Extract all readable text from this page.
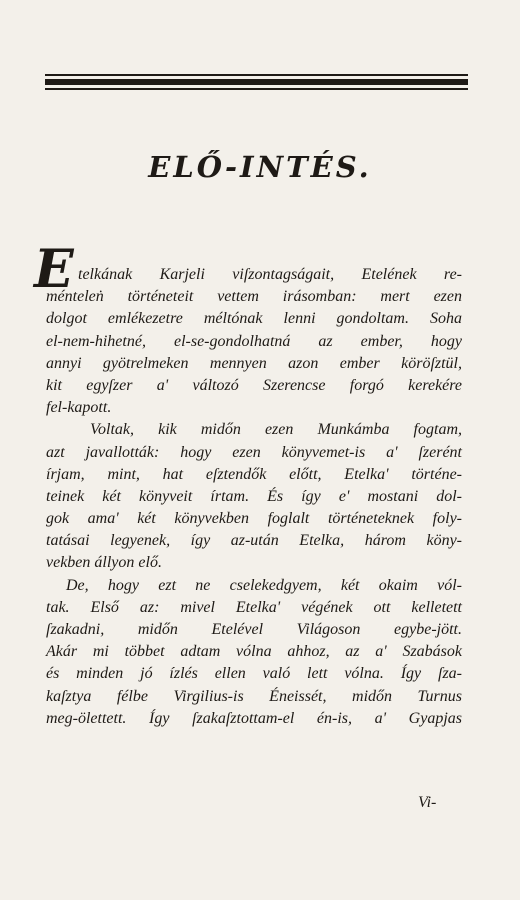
ELŐ-INTÉS.
E telkának Karjeli viſzontagságait, Etelének re-
ménteleṅ történeteit vettem irásomban: mert ezen
dolgot emlékezetre méltónak lenni gondoltam. Soha
el-nem-hihetné, el-se-gondolhatná az ember, hogy
annyi gyötrelmeken mennyen azon ember köröſztül,
kit egyſzer a' változó Szerencse forgó kerekére
fel-kapott.
Voltak, kik midőn ezen Munkámba fogtam,
azt javallották: hogy ezen könyvemet-is a' ſzerént
írjam, mint, hat eſztendők előtt, Etelka' történe-
teinek két könyveit írtam. És így e' mostani dol-
gok ama' két könyvekben foglalt történeteknek foly-
tatásai legyenek, így az-után Etelka, három köny-
vekben állyon elő.
De, hogy ezt ne cselekedgyem, két okaim vól-
tak. Első az: mivel Etelka' végének ott kelletett
ſzakadni, midőn Etelével Világoson egybe-jött.
Akár mi többet adtam vólna ahhoz, az a' Szabások
és minden jó ízlés ellen való lett vólna. Így ſza-
kaſztya félbe Virgilius-is Éneissét, midőn Turnus
meg-ölettett. Így ſzakaſztottam-el én-is, a' Gyapjas
Vi-
